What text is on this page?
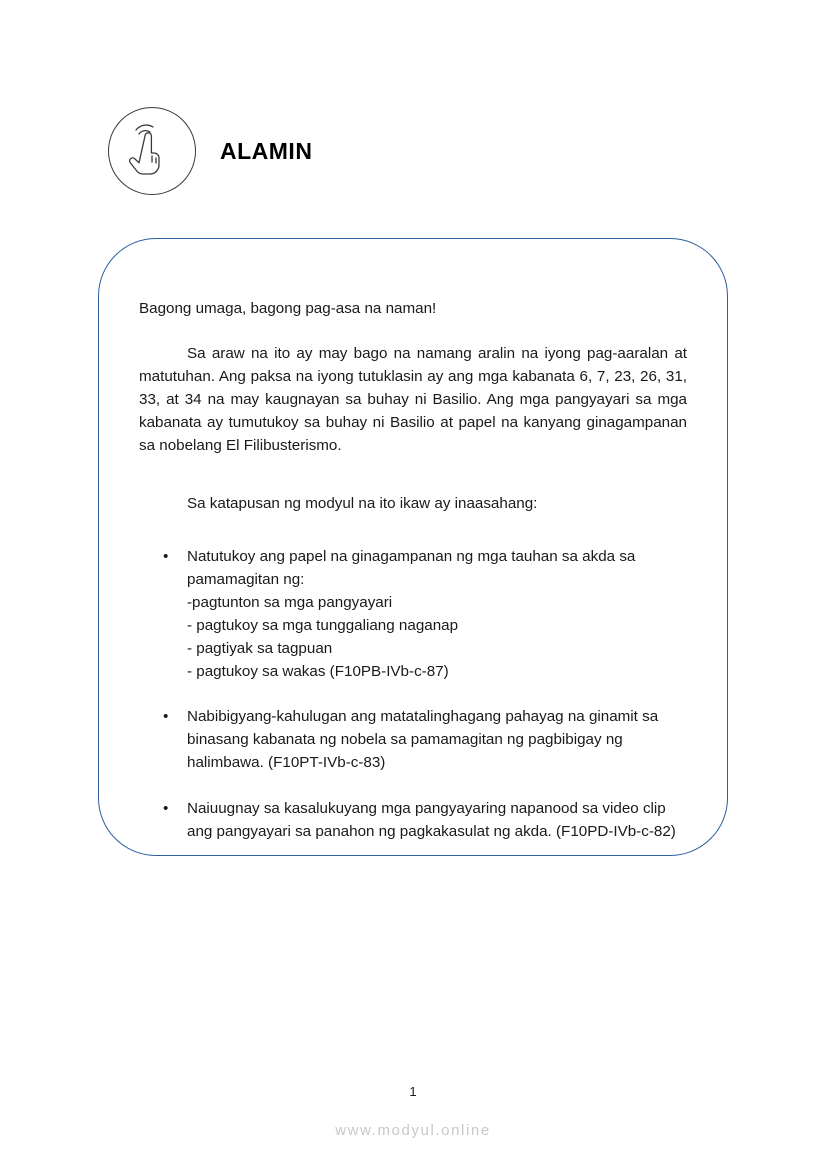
ALAMIN

Bagong umaga, bagong pag-asa na naman!

Sa araw na ito ay may bago na namang aralin na iyong pag-aaralan at matutuhan. Ang paksa na iyong tutuklasin ay ang mga kabanata 6, 7, 23, 26, 31, 33, at 34 na may kaugnayan sa buhay ni Basilio. Ang mga pangyayari sa mga kabanata ay tumutukoy sa buhay ni Basilio at papel na kanyang ginagampanan sa nobelang El Filibusterismo.

Sa katapusan ng modyul na ito ikaw ay inaasahang:

• Natutukoy ang papel na ginagampanan ng mga tauhan sa akda sa pamamagitan ng:
-pagtunton sa mga pangyayari
- pagtukoy sa mga tunggaliang naganap
- pagtiyak sa tagpuan
- pagtukoy sa wakas (F10PB-IVb-c-87)
• Nabibigyang-kahulugan ang matatalinghagang pahayag na ginamit sa binasang kabanata ng nobela sa pamamagitan ng pagbibigay ng halimbawa. (F10PT-IVb-c-83)
• Naiuugnay sa kasalukuyang mga pangyayaring napanood sa video clip ang pangyayari sa panahon ng pagkakasulat ng akda. (F10PD-IVb-c-82)
1
www.modyul.online
